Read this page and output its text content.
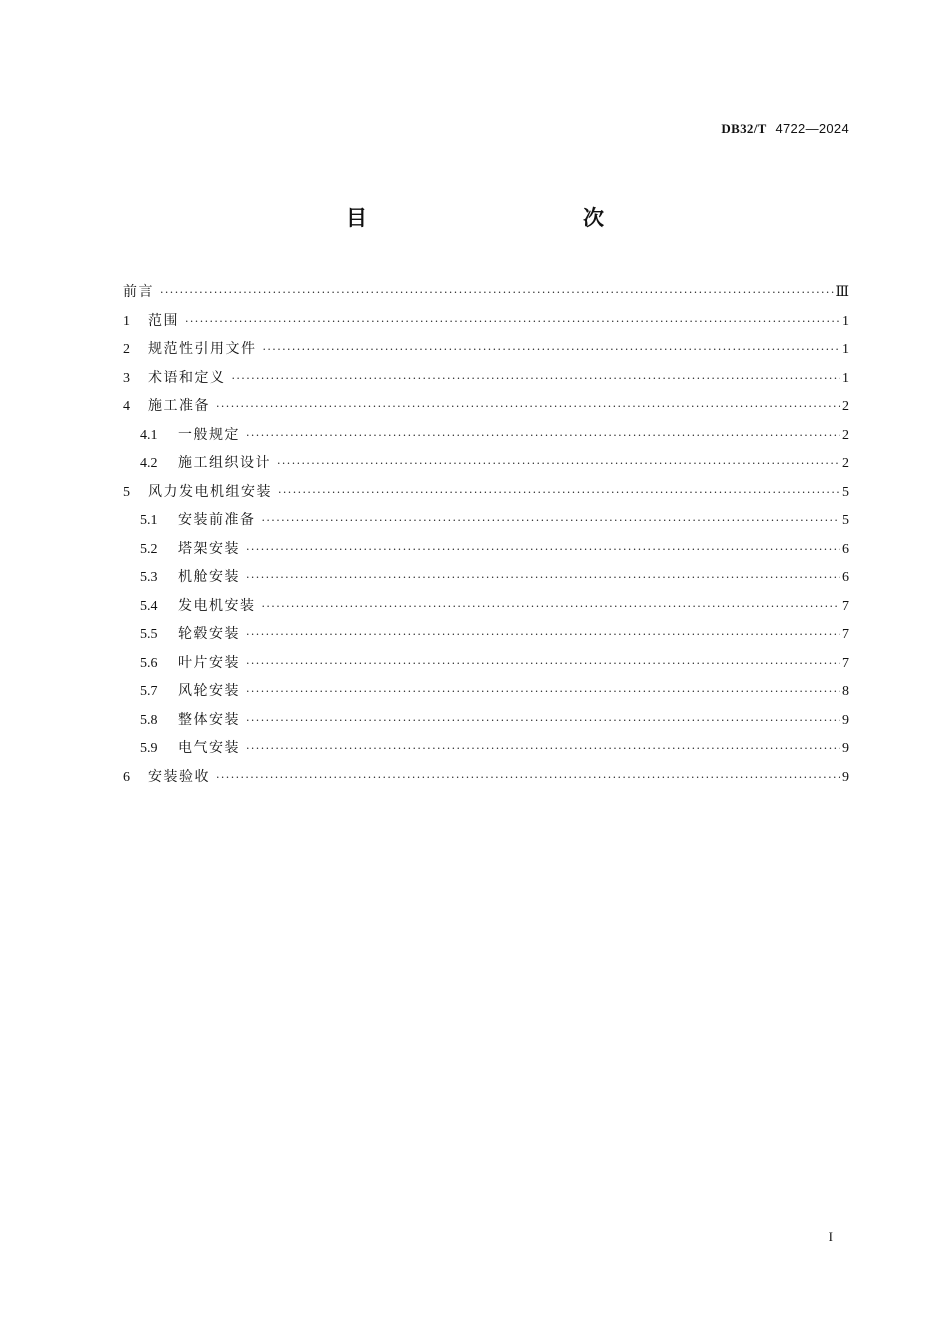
DB32/T 4722—2024
目　　次
前言 ·····	Ⅲ
1	范围 ·····	1
2	规范性引用文件 ·····	1
3	术语和定义 ·····	1
4	施工准备 ·····	2
4.1	一般规定 ·····	2
4.2	施工组织设计 ·····	2
5	风力发电机组安装 ·····	5
5.1	安装前准备 ·····	5
5.2	塔架安装 ·····	6
5.3	机舱安装 ·····	6
5.4	发电机安装 ·····	7
5.5	轮毂安装 ·····	7
5.6	叶片安装 ·····	7
5.7	风轮安装 ·····	8
5.8	整体安装 ·····	9
5.9	电气安装 ·····	9
6	安装验收 ·····	9
I
